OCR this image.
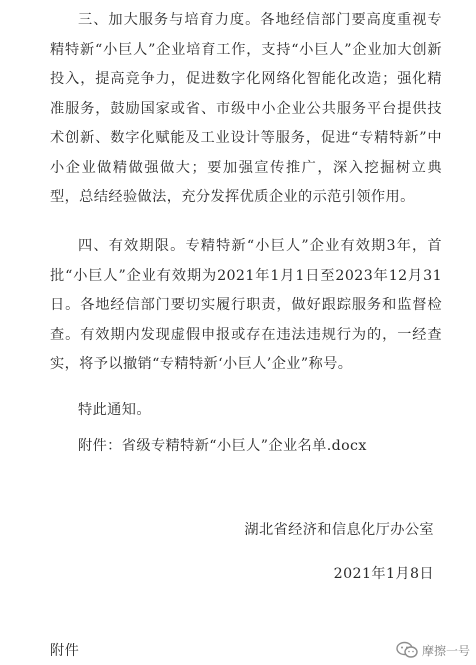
三、加大服务与培育力度。各地经信部门要高度重视专精特新“小巨人”企业培育工作，支持“小巨人”企业加大创新投入，提高竞争力，促进数字化网络化智能化改造；强化精准服务，鼓励国家或省、市级中小企业公共服务平台提供技术创新、数字化赋能及工业设计等服务，促进“专精特新”中小企业做精做强做大；要加强宣传推广，深入挖掘树立典型，总结经验做法，充分发挥优质企业的示范引领作用。

四、有效期限。专精特新“小巨人”企业有效期3年，首批“小巨人”企业有效期为2021年1月1日至2023年12月31日。各地经信部门要切实履行职责，做好跟踪服务和监督检查。有效期内发现虚假申报或存在违法违规行为的，一经查实，将予以撤销“专精特新‘小巨人’企业”称号。

特此通知。
附件：省级专精特新“小巨人”企业名单.docx
湖北省经济和信息化厅办公室
2021年1月8日
附件	摩擦一号
